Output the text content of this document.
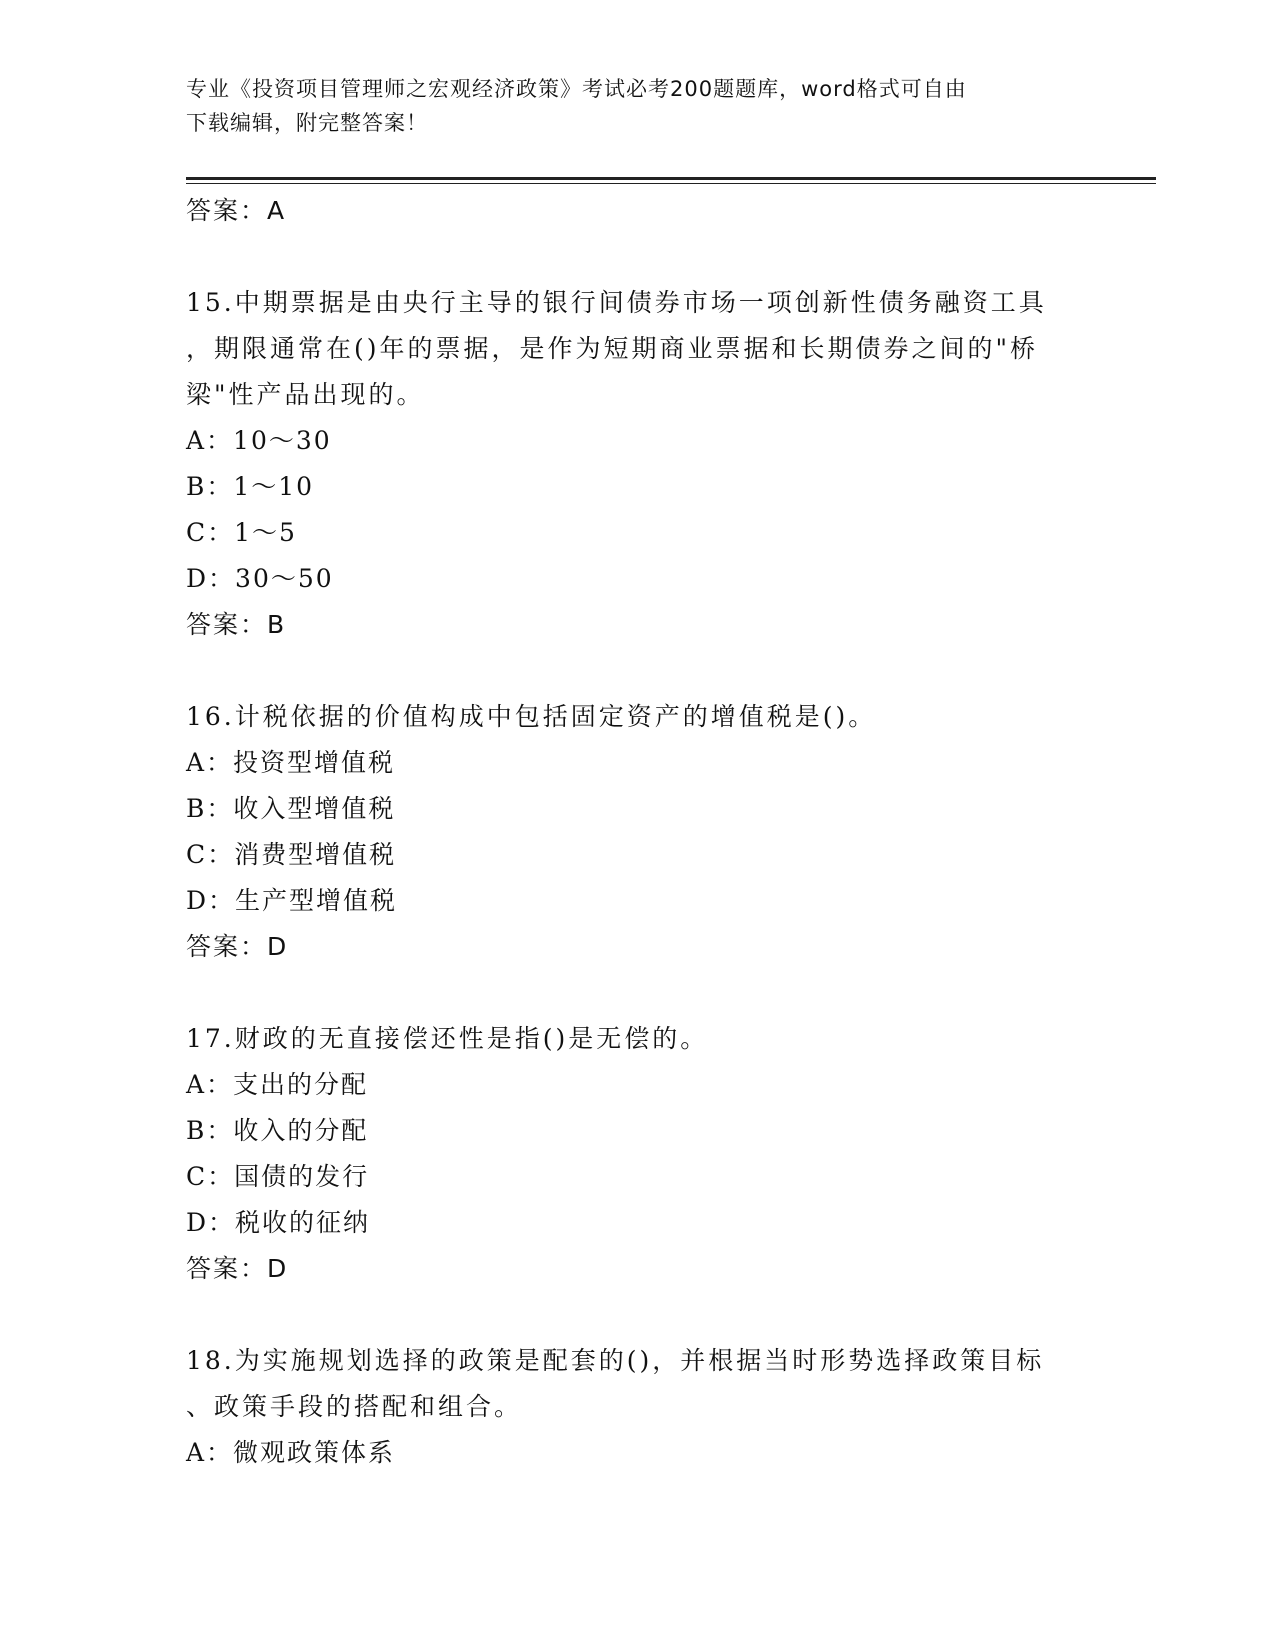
专业《投资项目管理师之宏观经济政策》考试必考200题题库，word格式可自由
下载编辑，附完整答案！
答案：A
15.中期票据是由央行主导的银行间债券市场一项创新性债务融资工具
，期限通常在()年的票据，是作为短期商业票据和长期债券之间的"桥
梁"性产品出现的。
A：10～30
B：1～10
C：1～5
D：30～50
答案：B
16.计税依据的价值构成中包括固定资产的增值税是()。
A：投资型增值税
B：收入型增值税
C：消费型增值税
D：生产型增值税
答案：D
17.财政的无直接偿还性是指()是无偿的。
A：支出的分配
B：收入的分配
C：国债的发行
D：税收的征纳
答案：D
18.为实施规划选择的政策是配套的()，并根据当时形势选择政策目标
、政策手段的搭配和组合。
A：微观政策体系
